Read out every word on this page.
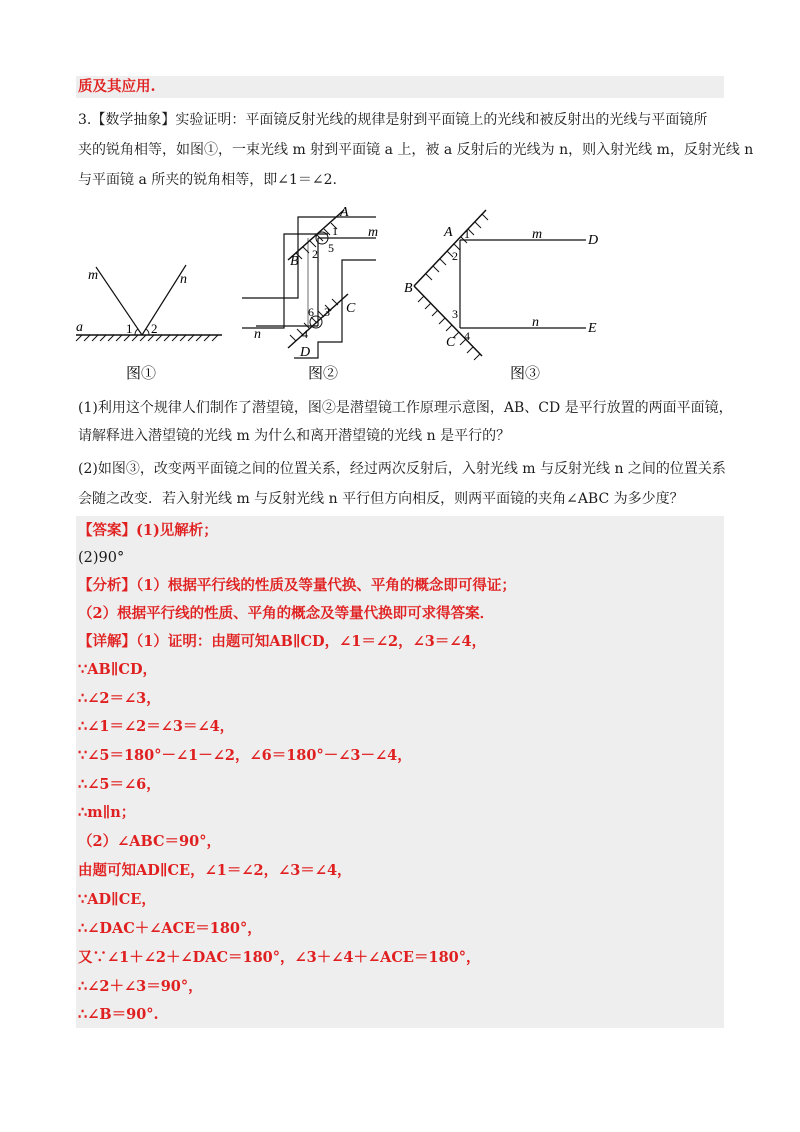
质及其应用.
3.【数学抽象】实验证明：平面镜反射光线的规律是射到平面镜上的光线和被反射出的光线与平面镜所
夹的锐角相等，如图①，一束光线 m 射到平面镜 a 上，被 a 反射后的光线为 n，则入射光线 m，反射光线 n
与平面镜 a 所夹的锐角相等，即∠1＝∠2.
m	n
a	1 2
图①
A
B
C
D
m
n
1
2 5
6 3
4
图②
A
B
C
D
E
m
n
1
2
3
4
图③
(1)利用这个规律人们制作了潜望镜，图②是潜望镜工作原理示意图，AB、CD 是平行放置的两面平面镜，
请解释进入潜望镜的光线 m 为什么和离开潜望镜的光线 n 是平行的？
(2)如图③，改变两平面镜之间的位置关系，经过两次反射后，入射光线 m 与反射光线 n 之间的位置关系
会随之改变．若入射光线 m 与反射光线 n 平行但方向相反，则两平面镜的夹角∠ABC 为多少度？
【答案】(1)见解析；
(2)90°
【分析】（1）根据平行线的性质及等量代换、平角的概念即可得证；
（2）根据平行线的性质、平角的概念及等量代换即可求得答案．
【详解】（1）证明：由题可知AB∥CD，∠1＝∠2，∠3＝∠4，
∵AB∥CD，
∴∠2＝∠3，
∴∠1＝∠2＝∠3＝∠4，
∵∠5＝180°－∠1－∠2，∠6＝180°－∠3－∠4，
∴∠5＝∠6，
∴m∥n；
（2）∠ABC＝90°，
由题可知AD∥CE，∠1＝∠2，∠3＝∠4，
∵AD∥CE，
∴∠DAC＋∠ACE＝180°，
又∵∠1＋∠2＋∠DAC＝180°，∠3＋∠4＋∠ACE＝180°，
∴∠2＋∠3＝90°，
∴∠B＝90°.
